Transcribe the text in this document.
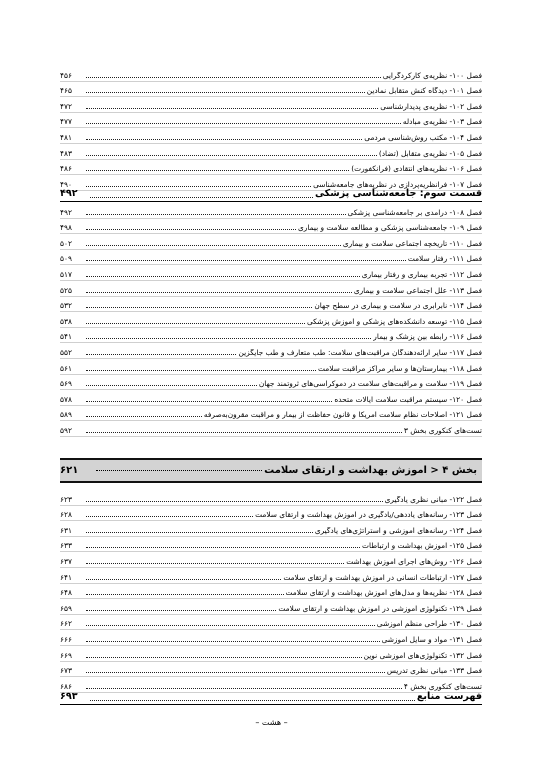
فصل ۱۰۰- نظریه‌ی کارکردگرایی
۴۵۶
فصل ۱۰۱- دیدگاه کنش متقابل نمادین
۴۶۵
فصل ۱۰۲- نظریه‌ی پدیدارشناسی
۴۷۲
فصل ۱۰۳- نظریه‌ی مبادله
۴۷۷
فصل ۱۰۴- مکتب روش‌شناسی مردمی
۴۸۱
فصل ۱۰۵- نظریه‌ی متقابل (تضاد)
۴۸۳
فصل ۱۰۶- نظریه‌های انتقادی (فرانکفورت)
۴۸۶
فصل ۱۰۷- فرانظریه‌پردازی در نظریه‌های جامعه‌شناسی
۴۹۰
قسمت سوم: جامعه‌شناسی پزشکی
۴۹۲
فصل ۱۰۸- درآمدی بر جامعه‌شناسی پزشکی
۴۹۲
فصل ۱۰۹- جامعه‌شناسی پزشکی و مطالعه سلامت و بیماری
۴۹۸
فصل ۱۱۰- تاریخچه اجتماعی سلامت و بیماری
۵۰۲
فصل ۱۱۱- رفتار سلامت
۵۰۹
فصل ۱۱۲- تجربه بیماری و رفتار بیماری
۵۱۷
فصل ۱۱۳- علل اجتماعی سلامت و بیماری
۵۲۵
فصل ۱۱۴- نابرابری در سلامت و بیماری در سطح جهان
۵۳۲
فصل ۱۱۵- توسعه دانشکده‌های پزشکی و آموزش پزشکی
۵۳۸
فصل ۱۱۶- رابطه بین پزشک و بیمار
۵۴۱
فصل ۱۱۷- سایر ارائه‌دهندگان مراقبت‌های سلامت: طب متعارف و طب جایگزین
۵۵۲
فصل ۱۱۸- بیمارستان‌ها و سایر مراکز مراقبت سلامت
۵۶۱
فصل ۱۱۹- سلامت و مراقبت‌های سلامت در دموکراسی‌های ثروتمند جهان
۵۶۹
فصل ۱۲۰- سیستم مراقبت سلامت ایالات متحده
۵۷۸
فصل ۱۲۱- اصلاحات نظام سلامت آمریکا و قانون حفاظت از بیمار و مراقبت مقرون‌به‌صرفه
۵۸۹
تست‌های کنکوری بخش ۳
۵۹۲
بخش ۴ < آموزش بهداشت و ارتقای سلامت
۶۲۱
فصل ۱۲۲- مبانی نظری یادگیری
۶۲۳
فصل ۱۲۳- رسانه‌های یاددهی/یادگیری در آموزش بهداشت و ارتقای سلامت
۶۲۸
فصل ۱۲۴- رسانه‌های آموزشی و استراتژی‌های یادگیری
۶۳۱
فصل ۱۲۵- آموزش بهداشت و ارتباطات
۶۳۳
فصل ۱۲۶- روش‌های اجرای آموزش بهداشت
۶۳۷
فصل ۱۲۷- ارتباطات انسانی در آموزش بهداشت و ارتقای سلامت
۶۴۱
فصل ۱۲۸- نظریه‌ها و مدل‌های آموزش بهداشت و ارتقای سلامت
۶۴۸
فصل ۱۲۹- تکنولوژی آموزشی در آموزش بهداشت و ارتقای سلامت
۶۵۹
فصل ۱۳۰- طراحی منظم آموزشی
۶۶۲
فصل ۱۳۱- مواد و سایل آموزشی
۶۶۶
فصل ۱۳۲- تکنولوژی‌های آموزشی نوین
۶۶۹
فصل ۱۳۳- مبانی نظری تدریس
۶۷۳
تست‌های کنکوری بخش ۴
۶۸۶
فهرست منابع
۶۹۳
– هشت –
